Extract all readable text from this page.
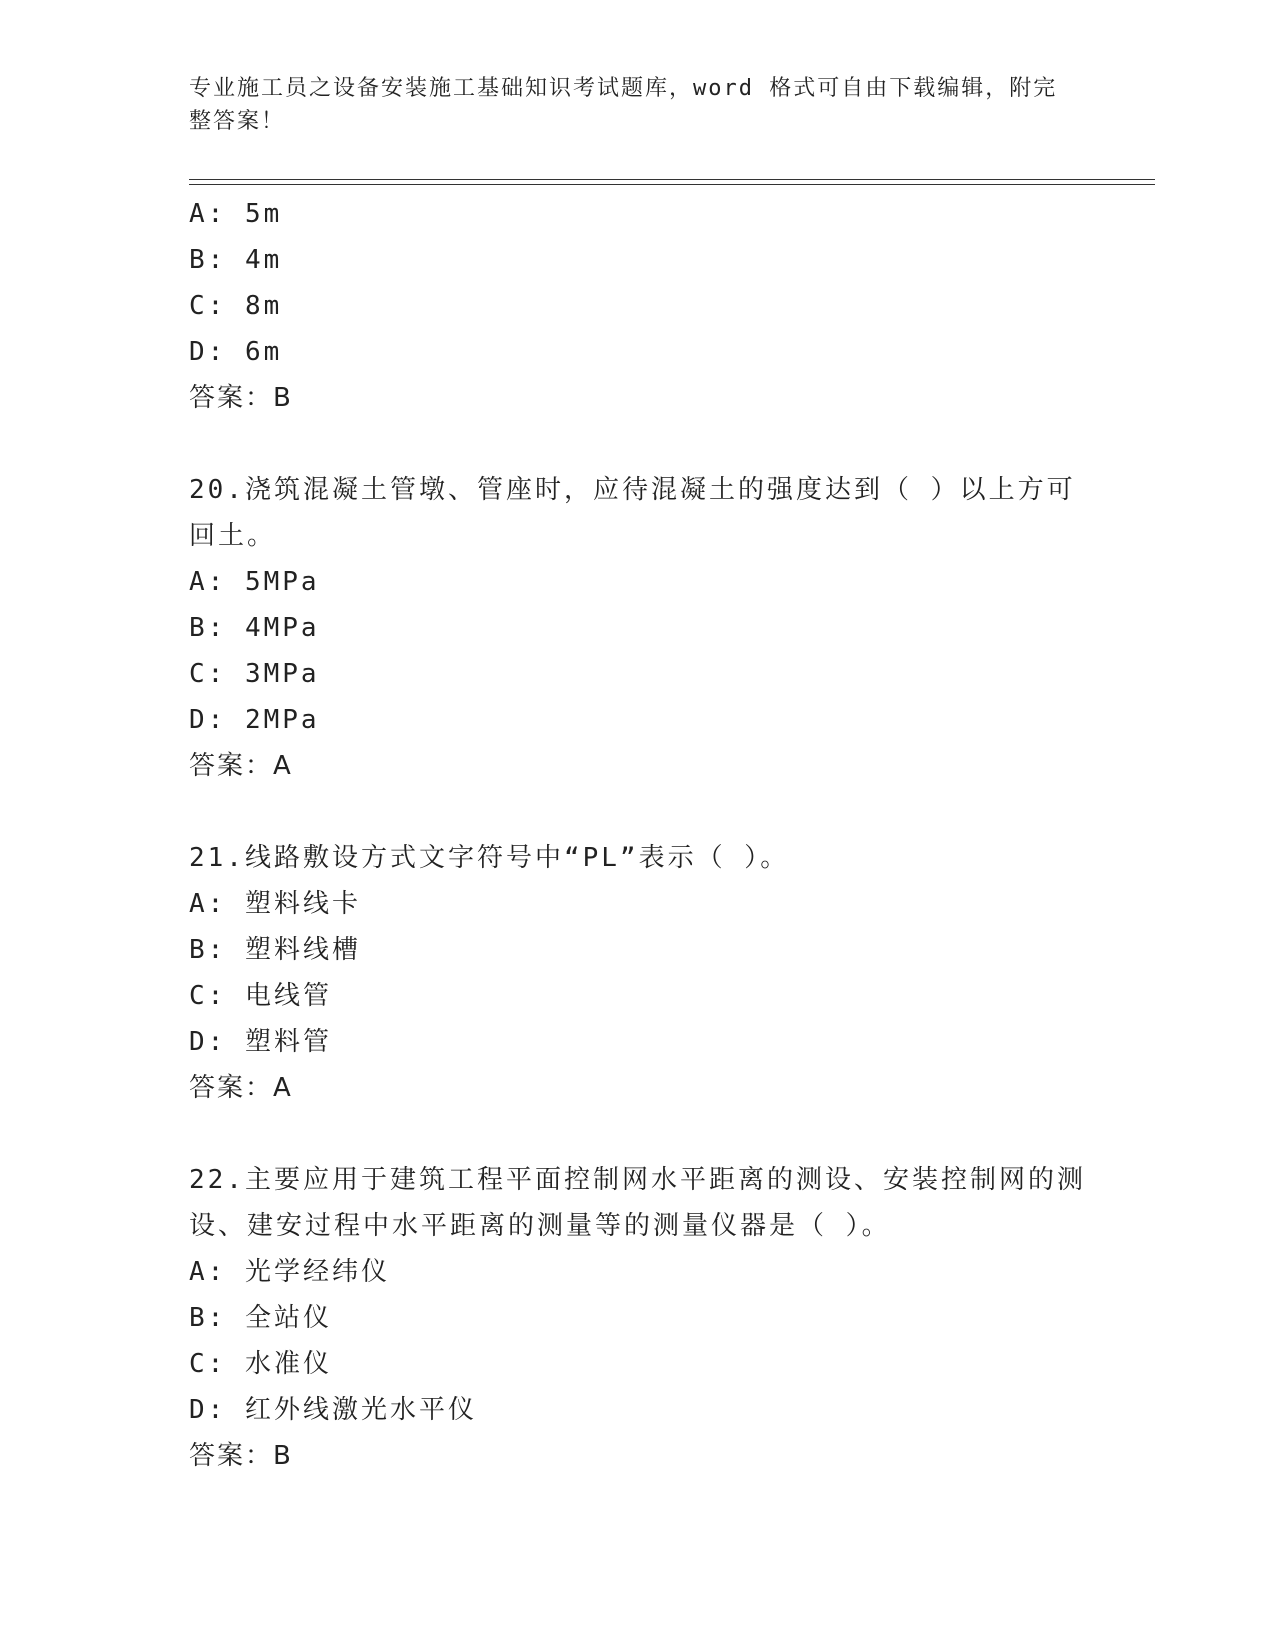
专业施工员之设备安装施工基础知识考试题库，word 格式可自由下载编辑，附完
整答案！
A: 5m
B: 4m
C: 8m
D: 6m
答案：B
20.浇筑混凝土管墩、管座时，应待混凝土的强度达到（ ）以上方可
回土。
A: 5MPa
B: 4MPa
C: 3MPa
D: 2MPa
答案：A
21.线路敷设方式文字符号中“PL”表示（ ）。
A: 塑料线卡
B: 塑料线槽
C: 电线管
D: 塑料管
答案：A
22.主要应用于建筑工程平面控制网水平距离的测设、安装控制网的测
设、建安过程中水平距离的测量等的测量仪器是（ ）。
A: 光学经纬仪
B: 全站仪
C: 水准仪
D: 红外线激光水平仪
答案：B
